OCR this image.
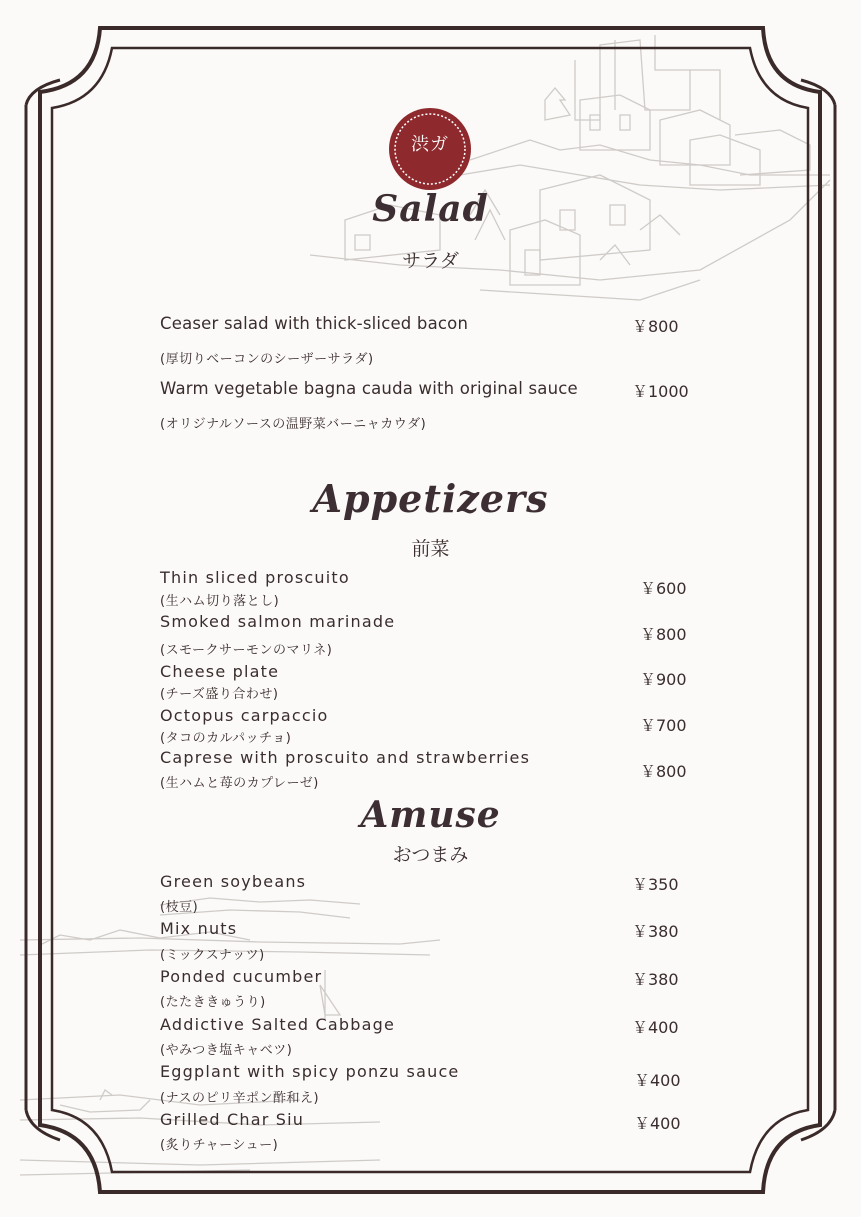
渋ガ
Salad
サラダ
Ceaser salad with thick-sliced bacon	￥800
(厚切りベーコンのシーザーサラダ)
Warm vegetable bagna cauda with original sauce	￥1000
(オリジナルソースの温野菜バーニャカウダ)
Appetizers
前菜
Thin sliced proscuito
(生ハム切り落とし)
￥600
Smoked salmon marinade
(スモークサーモンのマリネ)
￥800
Cheese plate
(チーズ盛り合わせ)
￥900
Octopus carpaccio
(タコのカルパッチョ)
￥700
Caprese with proscuito and strawberries
(生ハムと苺のカプレーゼ)
￥800
Amuse
おつまみ
Green soybeans
(枝豆)
￥350
Mix nuts
(ミックスナッツ)
￥380
Ponded cucumber
(たたききゅうり)
￥380
Addictive Salted Cabbage
(やみつき塩キャベツ)
￥400
Eggplant with spicy ponzu sauce
(ナスのピリ辛ポン酢和え)
￥400
Grilled Char Siu
(炙りチャーシュー)
￥400
